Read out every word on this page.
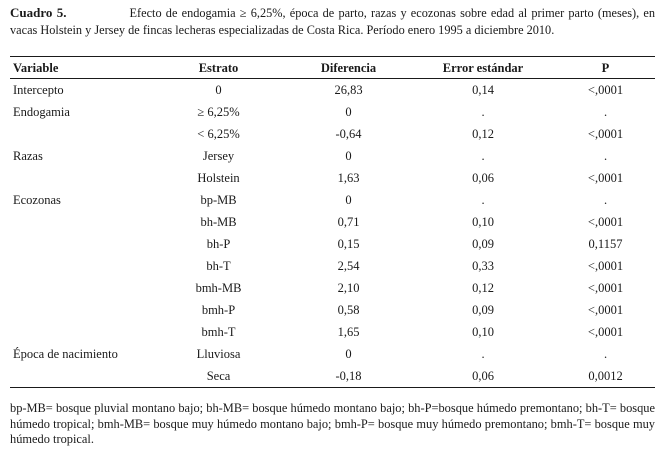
Cuadro 5.	Efecto de endogamia ≥ 6,25%, época de parto, razas y ecozonas sobre edad al primer parto (meses), en vacas Holstein y Jersey de fincas lecheras especializadas de Costa Rica. Período enero 1995 a diciembre 2010.
Variable	Estrato	Diferencia	Error estándar	P
Intercepto	0	26,83	0,14	<,0001
Endogamia	≥ 6,25%	0	.	.
	< 6,25%	-0,64	0,12	<,0001
Razas	Jersey	0	.	.
	Holstein	1,63	0,06	<,0001
Ecozonas	bp-MB	0	.	.
	bh-MB	0,71	0,10	<,0001
	bh-P	0,15	0,09	0,1157
	bh-T	2,54	0,33	<,0001
	bmh-MB	2,10	0,12	<,0001
	bmh-P	0,58	0,09	<,0001
	bmh-T	1,65	0,10	<,0001
Época de nacimiento	Lluviosa	0	.	.
	Seca	-0,18	0,06	0,0012
bp-MB= bosque pluvial montano bajo; bh-MB= bosque húmedo montano bajo; bh-P=bosque húmedo premontano; bh-T= bosque húmedo tropical; bmh-MB= bosque muy húmedo montano bajo; bmh-P= bosque muy húmedo premontano; bmh-T= bosque muy húmedo tropical.
